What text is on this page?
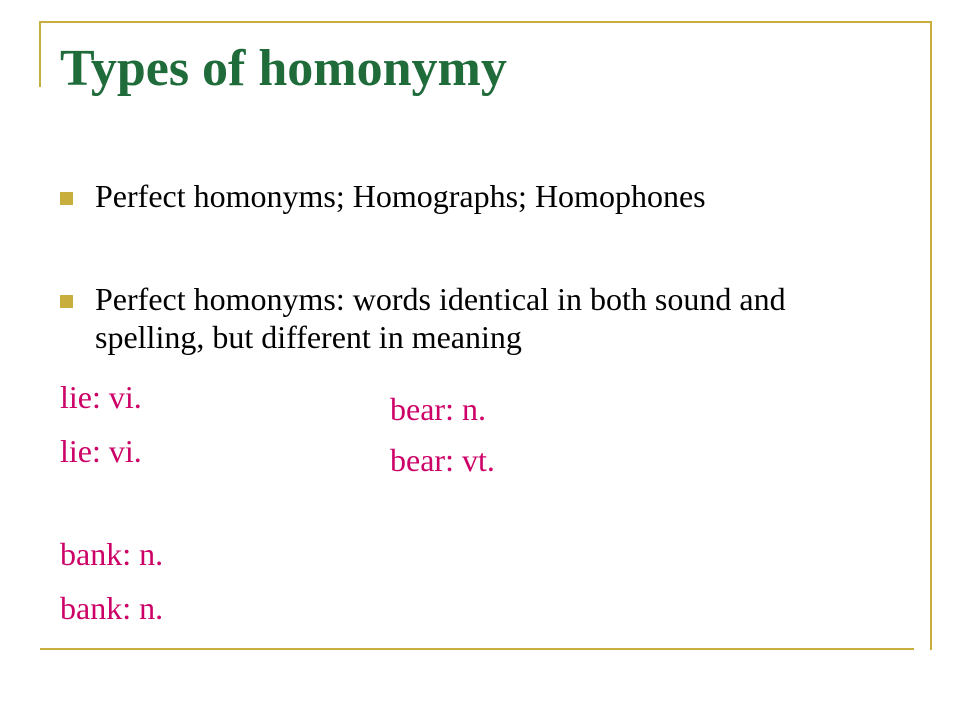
Types of homonymy
Perfect homonyms; Homographs; Homophones
Perfect homonyms: words identical in both sound and spelling, but different in meaning
lie: vi.
lie: vi.
bank: n.
bank: n.
bear: n.
bear: vt.
